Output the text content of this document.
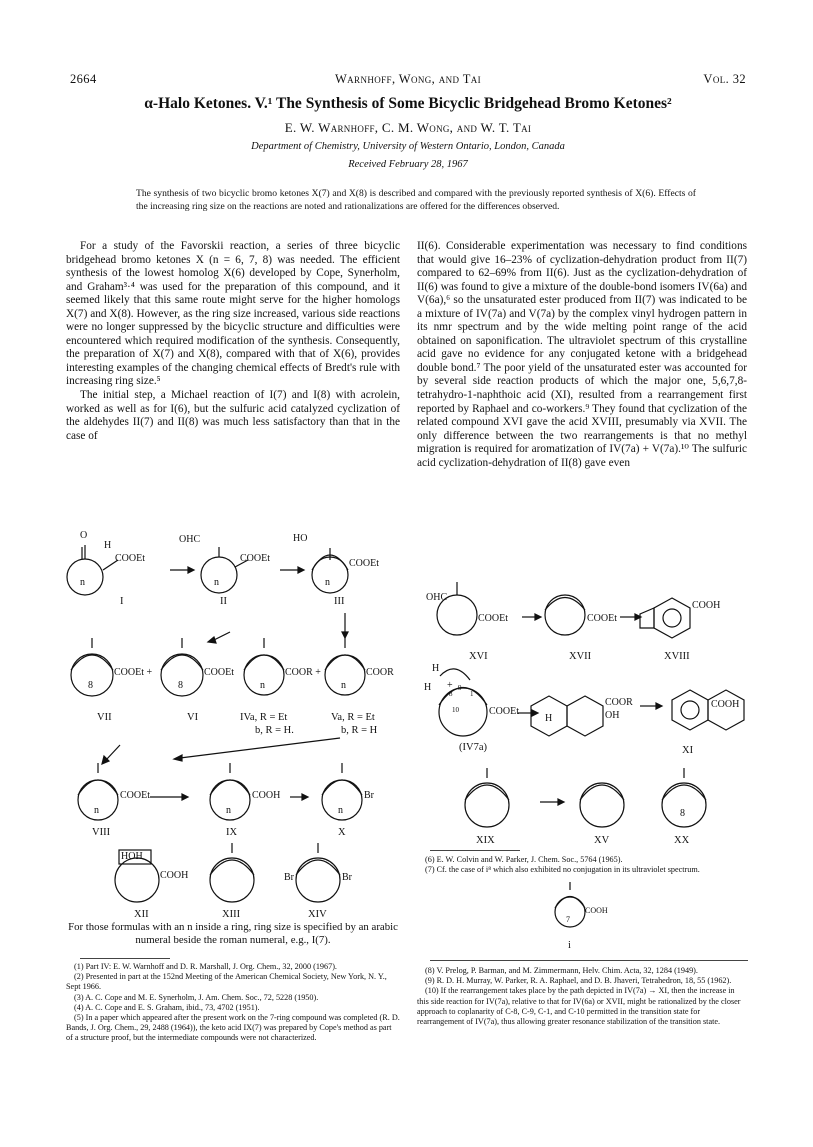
2664	Warnhoff, Wong, and Tai	Vol. 32
α-Halo Ketones. V.¹ The Synthesis of Some Bicyclic Bridgehead Bromo Ketones²
E. W. Warnhoff, C. M. Wong, and W. T. Tai
Department of Chemistry, University of Western Ontario, London, Canada
Received February 28, 1967
The synthesis of two bicyclic bromo ketones X(7) and X(8) is described and compared with the previously reported synthesis of X(6). Effects of the increasing ring size on the reactions are noted and rationalizations are offered for the differences observed.

For a study of the Favorskii reaction, a series of three bicyclic bridgehead bromo ketones X (n = 6, 7, 8) was needed. The efficient synthesis of the lowest homolog X(6) developed by Cope, Synerholm, and Graham³·⁴ was used for the preparation of this compound, and it seemed likely that this same route might serve for the higher homologs X(7) and X(8). However, as the ring size increased, various side reactions were no longer suppressed by the bicyclic structure and difficulties were encountered which required modification of the synthesis. Consequently, the preparation of X(7) and X(8), compared with that of X(6), provides interesting examples of the changing chemical effects of Bredt's rule with increasing ring size.⁵

The initial step, a Michael reaction of I(7) and I(8) with acrolein, worked as well as for I(6), but the sulfuric acid catalyzed cyclization of the aldehydes II(7) and II(8) was much less satisfactory than that in the case of

II(6). Considerable experimentation was necessary to find conditions that would give 16–23% of cyclization-dehydration product from II(7) compared to 62–69% from II(6). Just as the cyclization-dehydration of II(6) was found to give a mixture of the double-bond isomers IV(6a) and V(6a),⁶ so the unsaturated ester produced from II(7) was indicated to be a mixture of IV(7a) and V(7a) by the complex vinyl hydrogen pattern in its nmr spectrum and by the wide melting point range of the acid obtained on saponification. The ultraviolet spectrum of this crystalline acid gave no evidence for any conjugated ketone with a bridgehead double bond.⁷ The poor yield of the unsaturated ester was accounted for by several side reaction products of which the major one, 5,6,7,8-tetrahydro-1-naphthoic acid (XI), resulted from a rearrangement first reported by Raphael and co-workers.⁹ They found that cyclization of the related compound XVI gave the acid XVIII, presumably via XVII. The only difference between the two rearrangements is that no methyl migration is required for aromatization of IV(7a) + V(7a).¹⁰ The sulfuric acid cyclization-dehydration of II(8) gave even

O
H
COOEt
OHC
COOEt
HO
COOEt
n	n	n
I	II	III
COOEt +	COOEt	COOR +	COOR
8	8	n	n
VII	VI	IVa, R = Et
b, R = H.
Va, R = Et
b, R = H
COOEt	COOH	Br
n	n	n
VIII	IX	X
HOH
COOH	Br	Br
XII	XIII	XIV
For those formulas with an n inside a ring, ring size is specified by an arabic numeral beside the roman numeral, e.g., I(7).
OHC
COOEt	COOEt
COOH
XVI	XVII	XVIII
H
H +
COOEt
H
COOR
OH
COOH
10
8
9
1
(IV7a)	XI
8
XIX	XV	XX
COOH
7
i
(1) Part IV: E. W. Warnhoff and D. R. Marshall, J. Org. Chem., 32, 2000 (1967).
(2) Presented in part at the 152nd Meeting of the American Chemical Society, New York, N. Y., Sept 1966.
(3) A. C. Cope and M. E. Synerholm, J. Am. Chem. Soc., 72, 5228 (1950).
(4) A. C. Cope and E. S. Graham, ibid., 73, 4702 (1951).
(5) In a paper which appeared after the present work on the 7-ring compound was completed (R. D. Bands, J. Org. Chem., 29, 2488 (1964)), the keto acid IX(7) was prepared by Cope's method as part of a structure proof, but the intermediate compounds were not characterized.
(6) E. W. Colvin and W. Parker, J. Chem. Soc., 5764 (1965).
(7) Cf. the case of i⁸ which also exhibited no conjugation in its ultraviolet spectrum.
(8) V. Prelog, P. Barman, and M. Zimmermann, Helv. Chim. Acta, 32, 1284 (1949).
(9) R. D. H. Murray, W. Parker, R. A. Raphael, and D. B. Jhaveri, Tetrahedron, 18, 55 (1962).
(10) If the rearrangement takes place by the path depicted in IV(7a) → XI, then the increase in this side reaction for IV(7a), relative to that for IV(6a) or XVII, might be rationalized by the closer approach to coplanarity of C-8, C-9, C-1, and C-10 permitted in the transition state for rearrangement of IV(7a), thus allowing greater resonance stabilization of the transition state.
